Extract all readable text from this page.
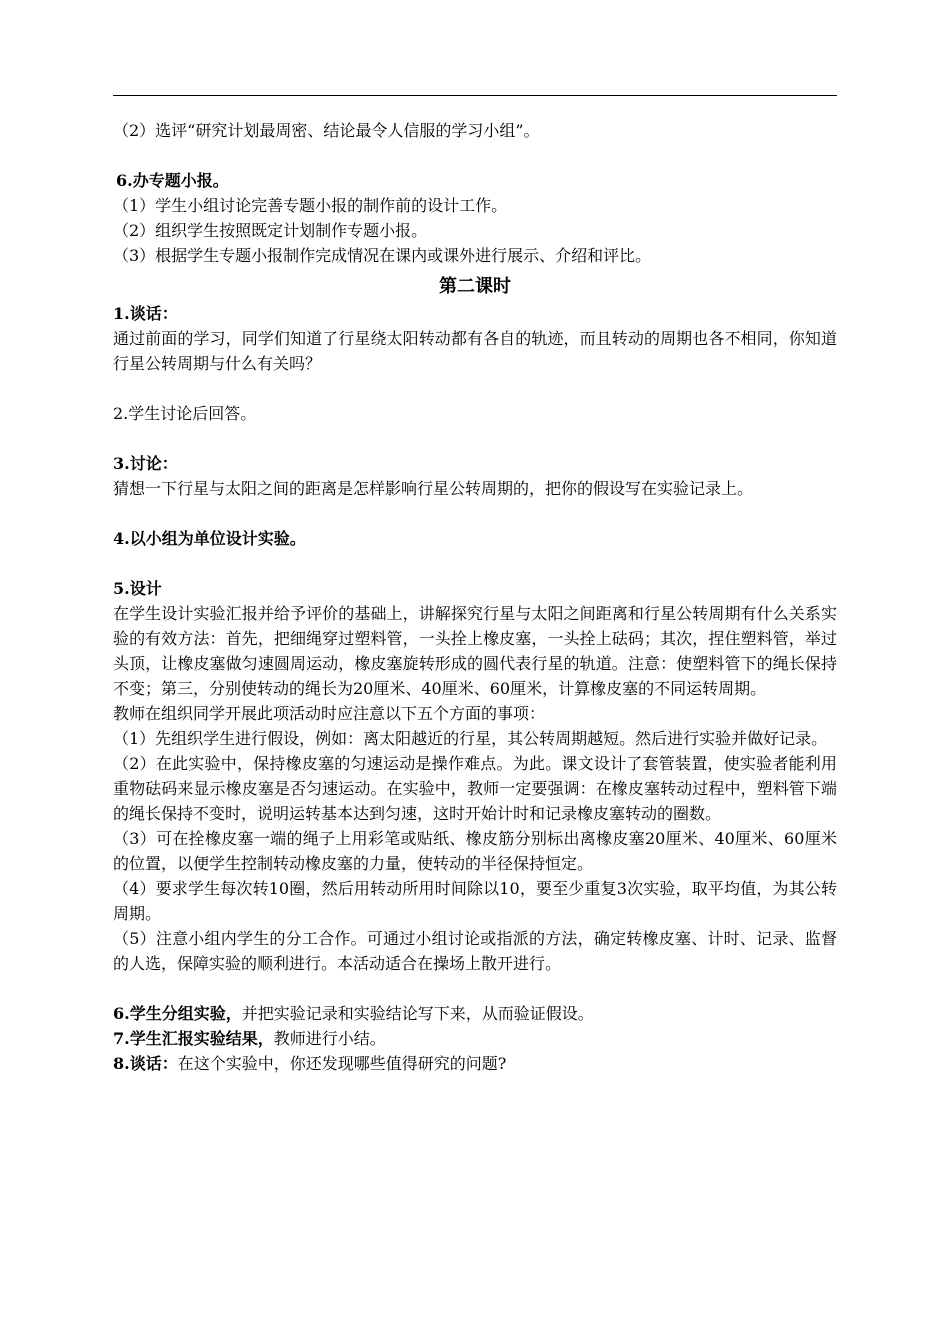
（2）选评“研究计划最周密、结论最令人信服的学习小组”。

6.办专题小报。

（1）学生小组讨论完善专题小报的制作前的设计工作。

（2）组织学生按照既定计划制作专题小报。

（3）根据学生专题小报制作完成情况在课内或课外进行展示、介绍和评比。

第二课时

1.谈话：

通过前面的学习，同学们知道了行星绕太阳转动都有各自的轨迹，而且转动的周期也各不相同，你知道行星公转周期与什么有关吗？

2.学生讨论后回答。

3.讨论：

猜想一下行星与太阳之间的距离是怎样影响行星公转周期的，把你的假设写在实验记录上。

4.以小组为单位设计实验。

5.设计

在学生设计实验汇报并给予评价的基础上，讲解探究行星与太阳之间距离和行星公转周期有什么关系实验的有效方法：首先，把细绳穿过塑料管，一头拴上橡皮塞，一头拴上砝码；其次，捏住塑料管，举过头顶，让橡皮塞做匀速圆周运动，橡皮塞旋转形成的圆代表行星的轨道。注意：使塑料管下的绳长保持不变；第三，分别使转动的绳长为20厘米、40厘米、60厘米，计算橡皮塞的不同运转周期。

教师在组织同学开展此项活动时应注意以下五个方面的事项：

（1）先组织学生进行假设，例如：离太阳越近的行星，其公转周期越短。然后进行实验并做好记录。

（2）在此实验中，保持橡皮塞的匀速运动是操作难点。为此。课文设计了套管装置，使实验者能利用重物砝码来显示橡皮塞是否匀速运动。在实验中，教师一定要强调：在橡皮塞转动过程中，塑料管下端的绳长保持不变时，说明运转基本达到匀速，这时开始计时和记录橡皮塞转动的圈数。

（3）可在拴橡皮塞一端的绳子上用彩笔或贴纸、橡皮筋分别标出离橡皮塞20厘米、40厘米、60厘米的位置，以便学生控制转动橡皮塞的力量，使转动的半径保持恒定。

（4）要求学生每次转10圈，然后用转动所用时间除以10，要至少重复3次实验，取平均值，为其公转周期。

（5）注意小组内学生的分工合作。可通过小组讨论或指派的方法，确定转橡皮塞、计时、记录、监督的人选，保障实验的顺利进行。本活动适合在操场上散开进行。

6.学生分组实验，并把实验记录和实验结论写下来，从而验证假设。

7.学生汇报实验结果，教师进行小结。

8.谈话：在这个实验中，你还发现哪些值得研究的问题?
